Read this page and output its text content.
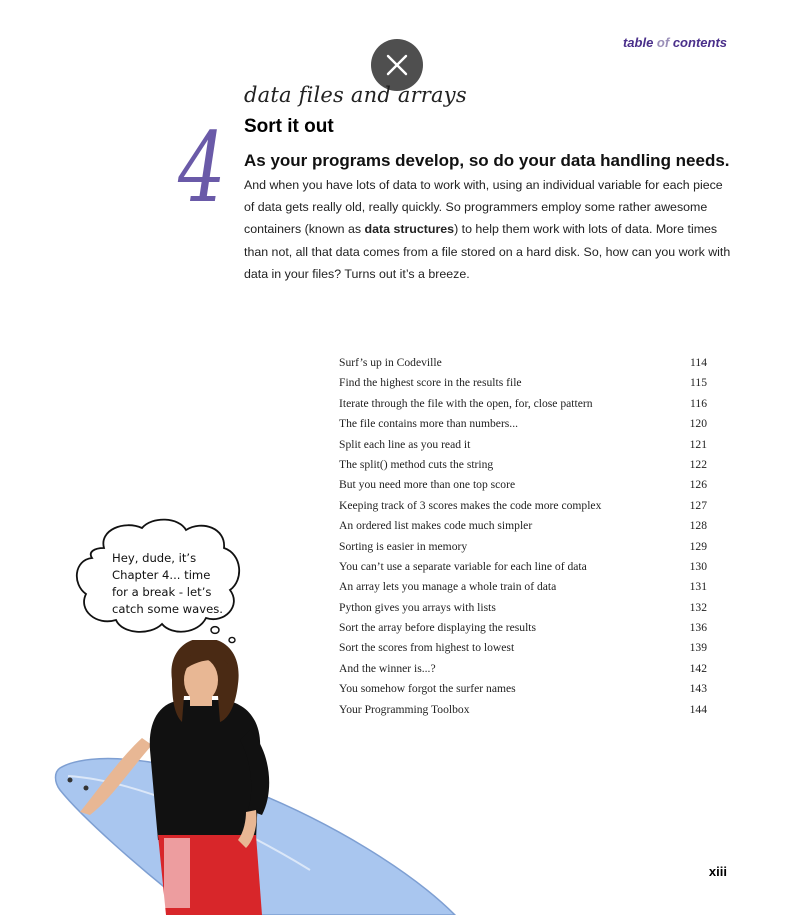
table of contents
data files and arrays
4 Sort it out
As your programs develop, so do your data handling needs.
And when you have lots of data to work with, using an individual variable for each piece of data gets really old, really quickly. So programmers employ some rather awesome containers (known as data structures) to help them work with lots of data. More times than not, all that data comes from a file stored on a hard disk. So, how can you work with data in your files? Turns out it’s a breeze.
Surf’s up in Codeville	114
Find the highest score in the results file	115
Iterate through the file with the open, for, close pattern	116
The file contains more than numbers...	120
Split each line as you read it	121
The split() method cuts the string	122
But you need more than one top score	126
Keeping track of 3 scores makes the code more complex	127
An ordered list makes code much simpler	128
Sorting is easier in memory	129
You can’t use a separate variable for each line of data	130
An array lets you manage a whole train of data	131
Python gives you arrays with lists	132
Sort the array before displaying the results	136
Sort the scores from highest to lowest	139
And the winner is...?	142
You somehow forgot the surfer names	143
Your Programming Toolbox	144
Hey, dude, it’s
Chapter 4... time
for a break - let’s
catch some waves.
xiii
